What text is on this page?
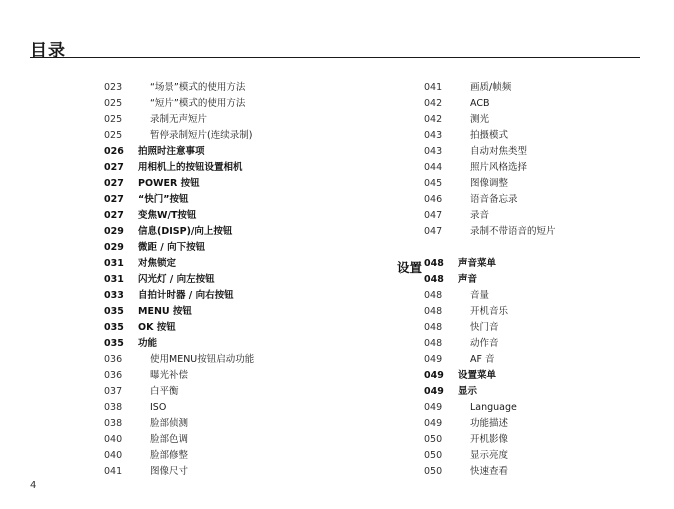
目录
023	“场景”模式的使用方法
025	“短片”模式的使用方法
025	录制无声短片
025	暂停录制短片(连续录制)
026	拍照时注意事项
027	用相机上的按钮设置相机
027	POWER 按钮
027	“快门”按钮
027	变焦W/T按钮
029	信息(DISP)/向上按钮
029	微距 / 向下按钮
031	对焦锁定
031	闪光灯 / 向左按钮
033	自拍计时器 / 向右按钮
035	MENU 按钮
035	OK 按钮
035	功能
036	使用MENU按钮启动功能
036	曝光补偿
037	白平衡
038	ISO
038	脸部侦测
040	脸部色调
040	脸部修整
041	图像尺寸
设置
041	画质/帧频
042	ACB
042	测光
043	拍摄模式
043	自动对焦类型
044	照片风格选择
045	图像调整
046	语音备忘录
047	录音
047	录制不带语音的短片
048	声音菜单
048	声音
048	音量
048	开机音乐
048	快门音
048	动作音
049	AF 音
049	设置菜单
049	显示
049	Language
049	功能描述
050	开机影像
050	显示亮度
050	快速查看
4
